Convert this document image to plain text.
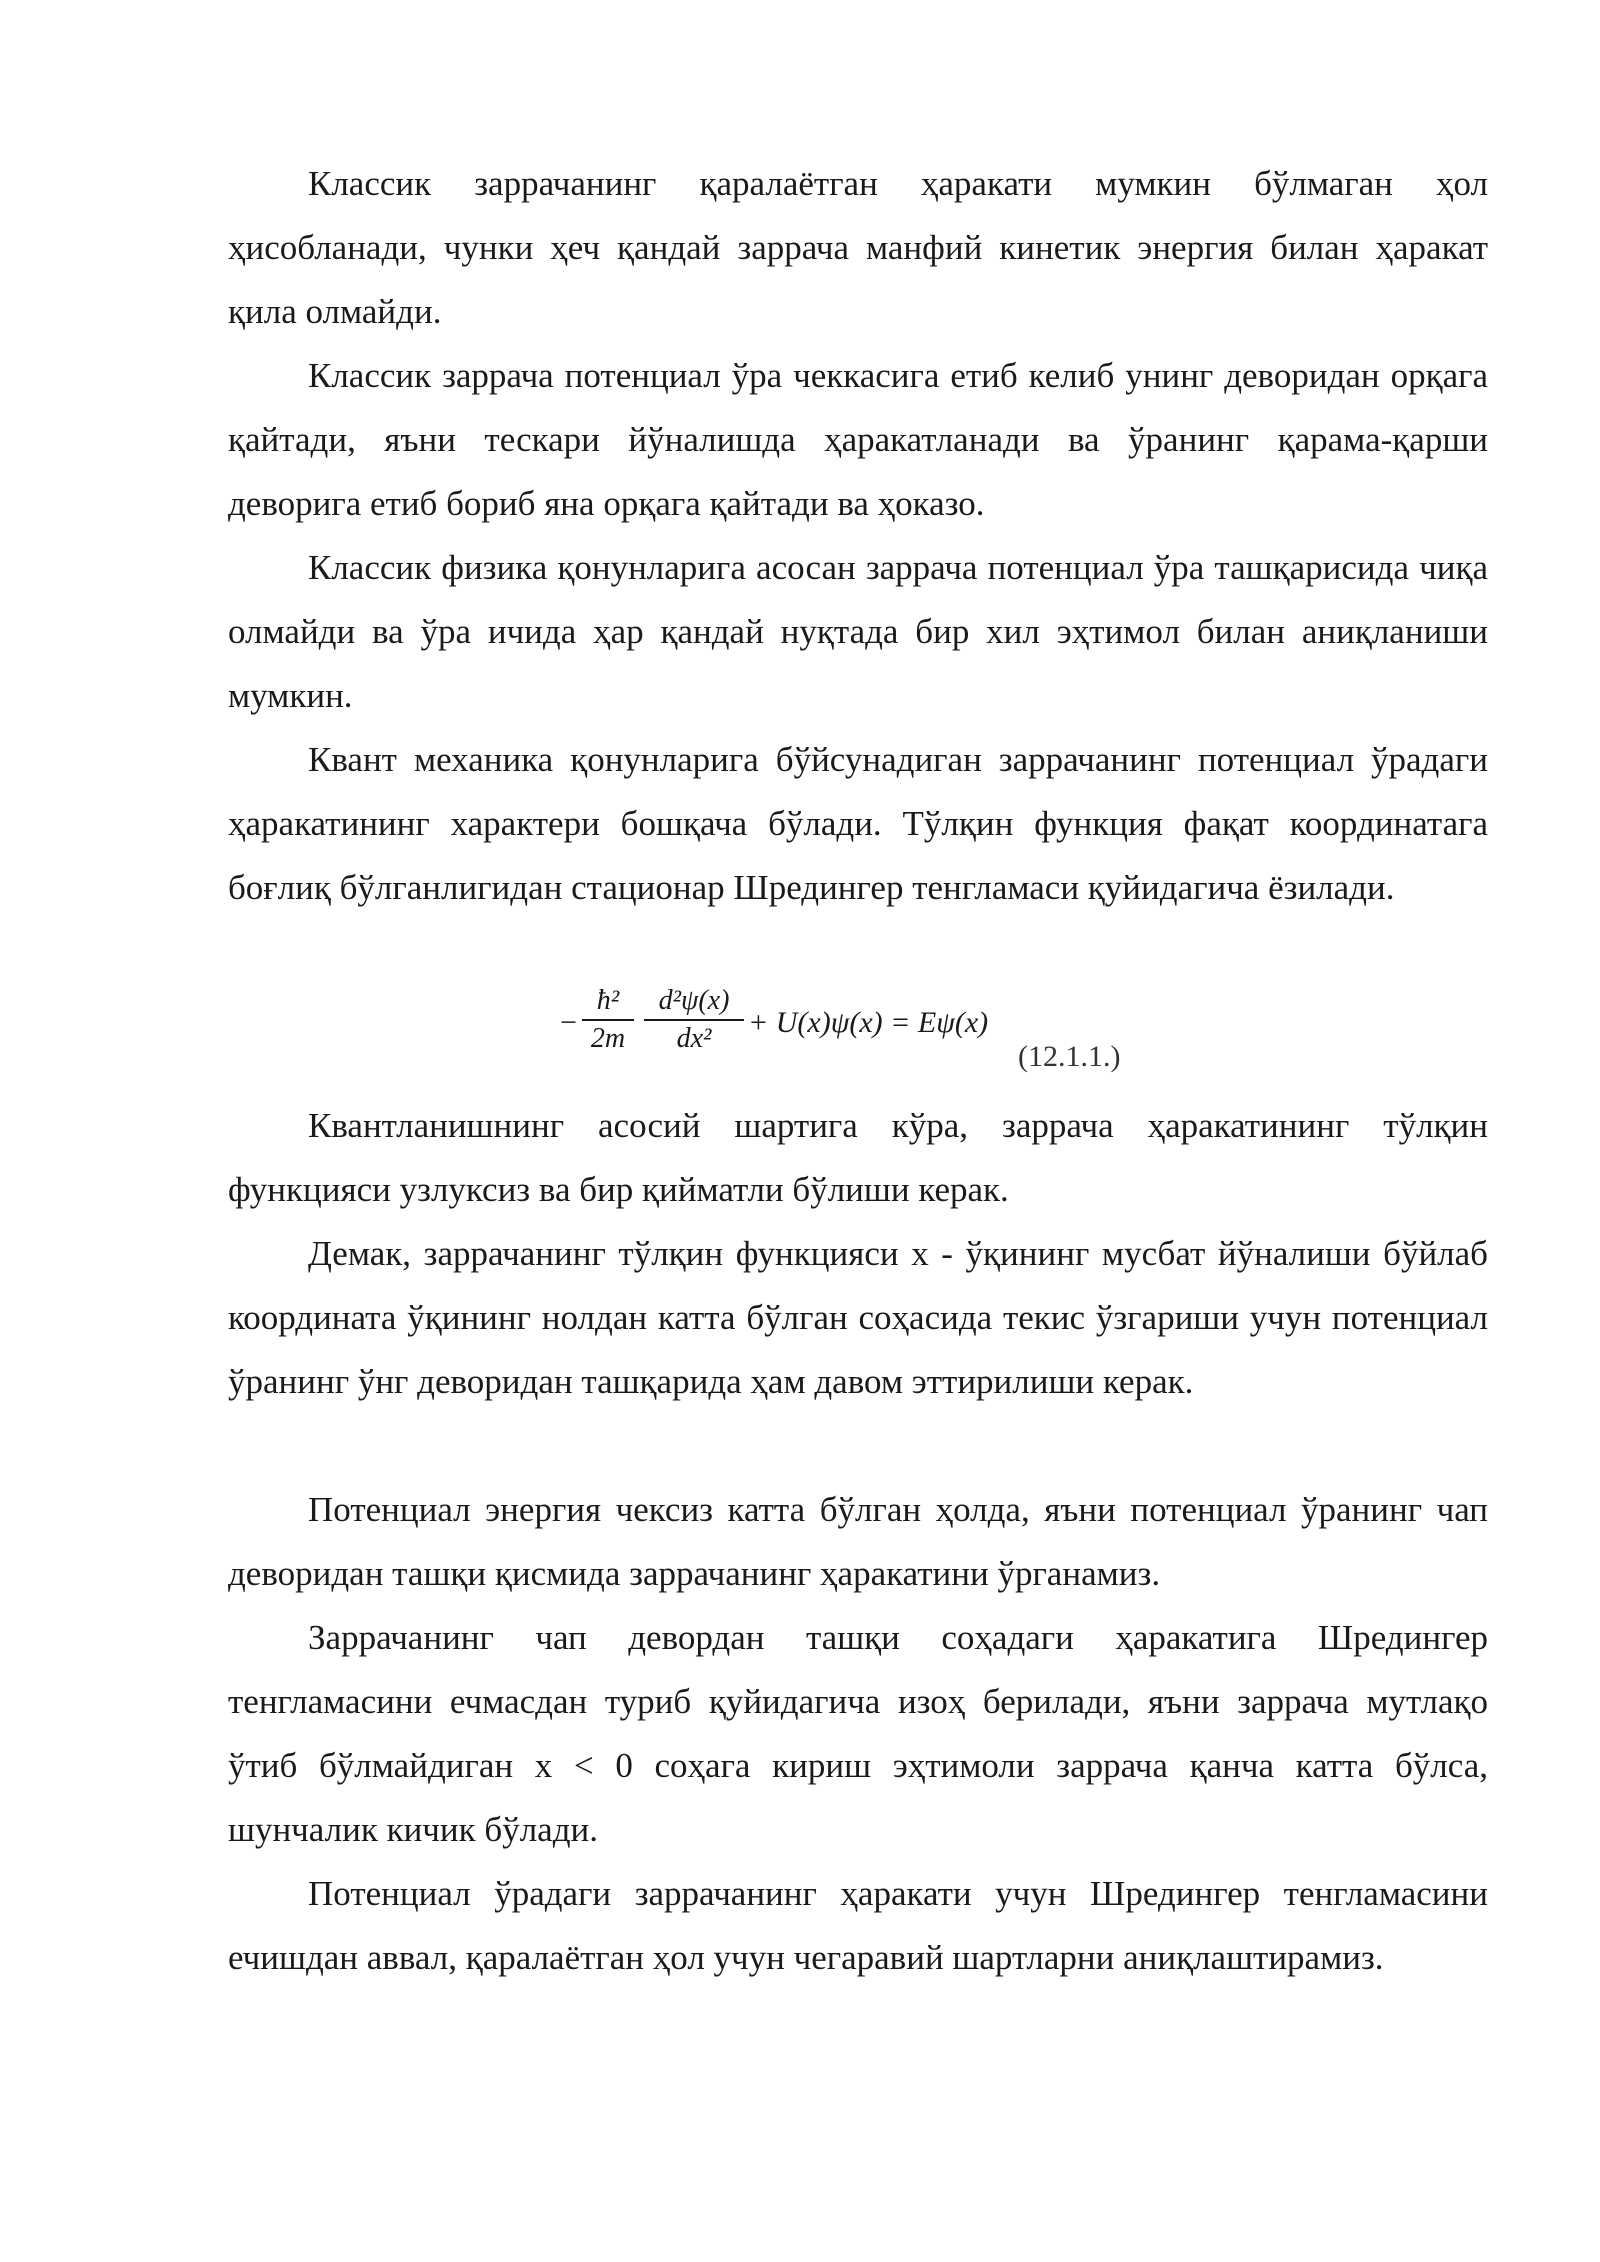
Классик заррачанинг қаралаётган ҳаракати мумкин бўлмаган ҳол ҳисобланади, чунки ҳеч қандай заррача манфий кинетик энергия билан ҳаракат қила олмайди.

Классик заррача потенциал ўра чеккасига етиб келиб унинг деворидан орқага қайтади, яъни тескари йўналишда ҳаракатланади ва ўранинг қарама-қарши деворига етиб бориб яна орқага қайтади ва ҳоказо.

Классик физика қонунларига асосан заррача потенциал ўра ташқарисида чиқа олмайди ва ўра ичида ҳар қандай нуқтада бир хил эҳтимол билан аниқланиши мумкин.

Квант механика қонунларига бўйсунадиган заррачанинг потенциал ўрадаги ҳаракатининг характери бошқача бўлади. Тўлқин функция фақат координатага боғлиқ бўлганлигидан стационар Шредингер тенгламаси қуйидагича ёзилади.

−
ħ²
2m
d²ψ(x)
dx²	+ U(x)ψ(x) = Eψ(x)
(12.1.1.)

Квантланишнинг асосий шартига кўра, заррача ҳаракатининг тўлқин функцияси узлуксиз ва бир қийматли бўлиши керак.

Демак, заррачанинг тўлқин функцияси x - ўқининг мусбат йўналиши бўйлаб координата ўқининг нолдан катта бўлган соҳасида текис ўзгариши учун потенциал ўранинг ўнг деворидан ташқарида ҳам давом эттирилиши керак.

Потенциал энергия чексиз катта бўлган ҳолда, яъни потенциал ўранинг чап деворидан ташқи қисмида заррачанинг ҳаракатини ўрганамиз.

Заррачанинг чап девордан ташқи соҳадаги ҳаракатига Шредингер тенгламасини ечмасдан туриб қуйидагича изоҳ берилади, яъни заррача мутлақо ўтиб бўлмайдиган x < 0 соҳага кириш эҳтимоли заррача қанча катта бўлса, шунчалик кичик бўлади.

Потенциал ўрадаги заррачанинг ҳаракати учун Шредингер тенгламасини ечишдан аввал, қаралаётган ҳол учун чегаравий шартларни аниқлаштирамиз.
